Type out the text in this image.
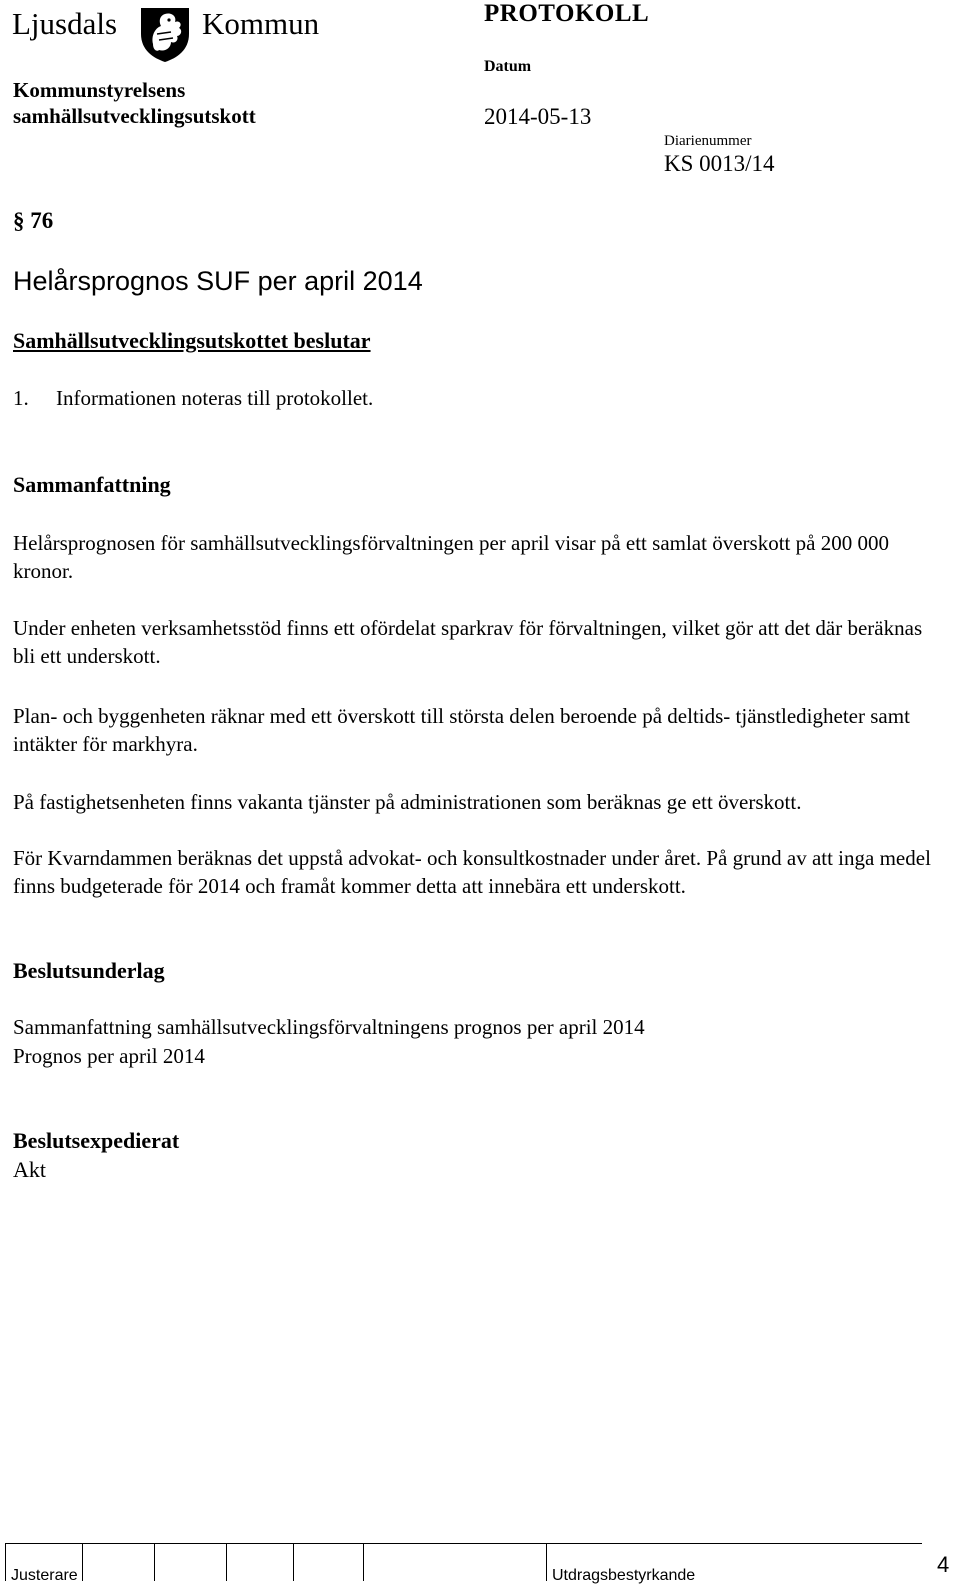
Ljusdals	Kommun	PROTOKOLL
Kommunstyrelsens
samhällsutvecklingsutskott
Datum
2014-05-13
Diarienummer
KS 0013/14
§ 76
Helårsprognos SUF per april 2014
Samhällsutvecklingsutskottet beslutar
1. Informationen noteras till protokollet.
Sammanfattning
Helårsprognosen för samhällsutvecklingsförvaltningen per april visar på ett samlat överskott på 200 000 kronor.
Under enheten verksamhetsstöd finns ett ofördelat sparkrav för förvaltningen, vilket gör att det där beräknas bli ett underskott.
Plan- och byggenheten räknar med ett överskott till största delen beroende på deltids- tjänstledigheter samt intäkter för markhyra.
På fastighetsenheten finns vakanta tjänster på administrationen som beräknas ge ett överskott.
För Kvarndammen beräknas det uppstå advokat- och konsultkostnader under året. På grund av att inga medel finns budgeterade för 2014 och framåt kommer detta att innebära ett underskott.
Beslutsunderlag
Sammanfattning samhällsutvecklingsförvaltningens prognos per april 2014
Prognos per april 2014
Beslutsexpedierat
Akt
Justerare	Utdragsbestyrkande	4
